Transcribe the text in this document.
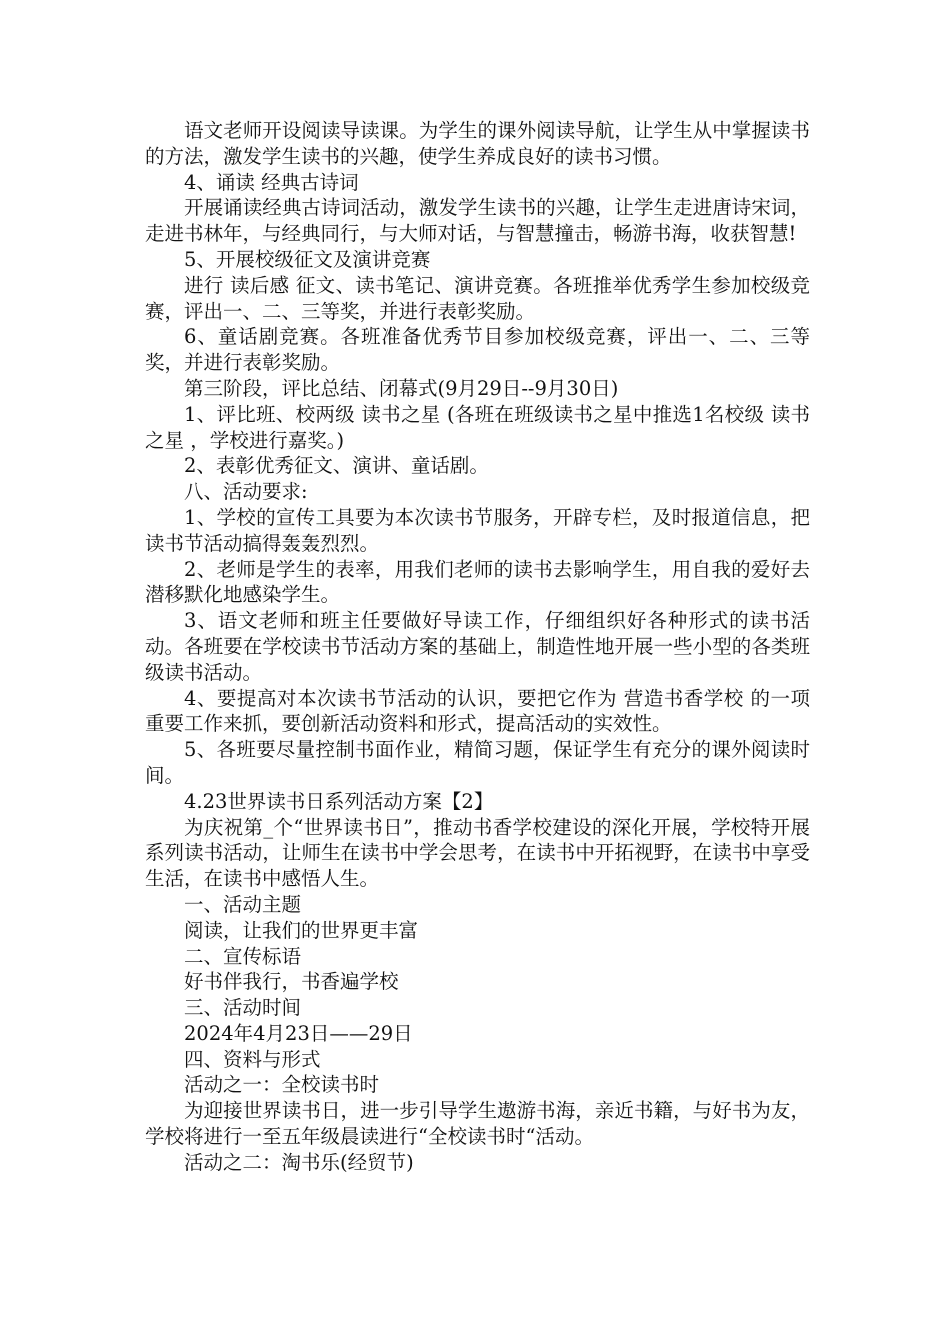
语文老师开设阅读导读课。为学生的课外阅读导航，让学生从中掌握读书的方法，激发学生读书的兴趣，使学生养成良好的读书习惯。

4、诵读 经典古诗词

开展诵读经典古诗词活动，激发学生读书的兴趣，让学生走进唐诗宋词，走进书林年，与经典同行，与大师对话，与智慧撞击，畅游书海，收获智慧!

5、开展校级征文及演讲竞赛

进行 读后感 征文、读书笔记、演讲竞赛。各班推举优秀学生参加校级竞赛，评出一、二、三等奖，并进行表彰奖励。

6、童话剧竞赛。各班准备优秀节目参加校级竞赛，评出一、二、三等奖，并进行表彰奖励。

第三阶段，评比总结、闭幕式(9月29日--9月30日)

1、评比班、校两级 读书之星 (各班在班级读书之星中推选1名校级 读书之星 ，学校进行嘉奖。)

2、表彰优秀征文、演讲、童话剧。

八、活动要求:

1、学校的宣传工具要为本次读书节服务，开辟专栏，及时报道信息，把读书节活动搞得轰轰烈烈。

2、老师是学生的表率，用我们老师的读书去影响学生，用自我的爱好去潜移默化地感染学生。

3、语文老师和班主任要做好导读工作，仔细组织好各种形式的读书活动。各班要在学校读书节活动方案的基础上，制造性地开展一些小型的各类班级读书活动。

4、要提高对本次读书节活动的认识，要把它作为 营造书香学校 的一项重要工作来抓，要创新活动资料和形式，提高活动的实效性。

5、各班要尽量控制书面作业，精简习题，保证学生有充分的课外阅读时间。

4.23世界读书日系列活动方案【2】

为庆祝第_个“世界读书日”，推动书香学校建设的深化开展，学校特开展系列读书活动，让师生在读书中学会思考，在读书中开拓视野，在读书中享受生活，在读书中感悟人生。

一、活动主题

阅读，让我们的世界更丰富

二、宣传标语

好书伴我行，书香遍学校

三、活动时间

2024年4月23日——29日

四、资料与形式

活动之一：全校读书时

为迎接世界读书日，进一步引导学生遨游书海，亲近书籍，与好书为友，学校将进行一至五年级晨读进行“全校读书时“活动。

活动之二：淘书乐(经贸节)
